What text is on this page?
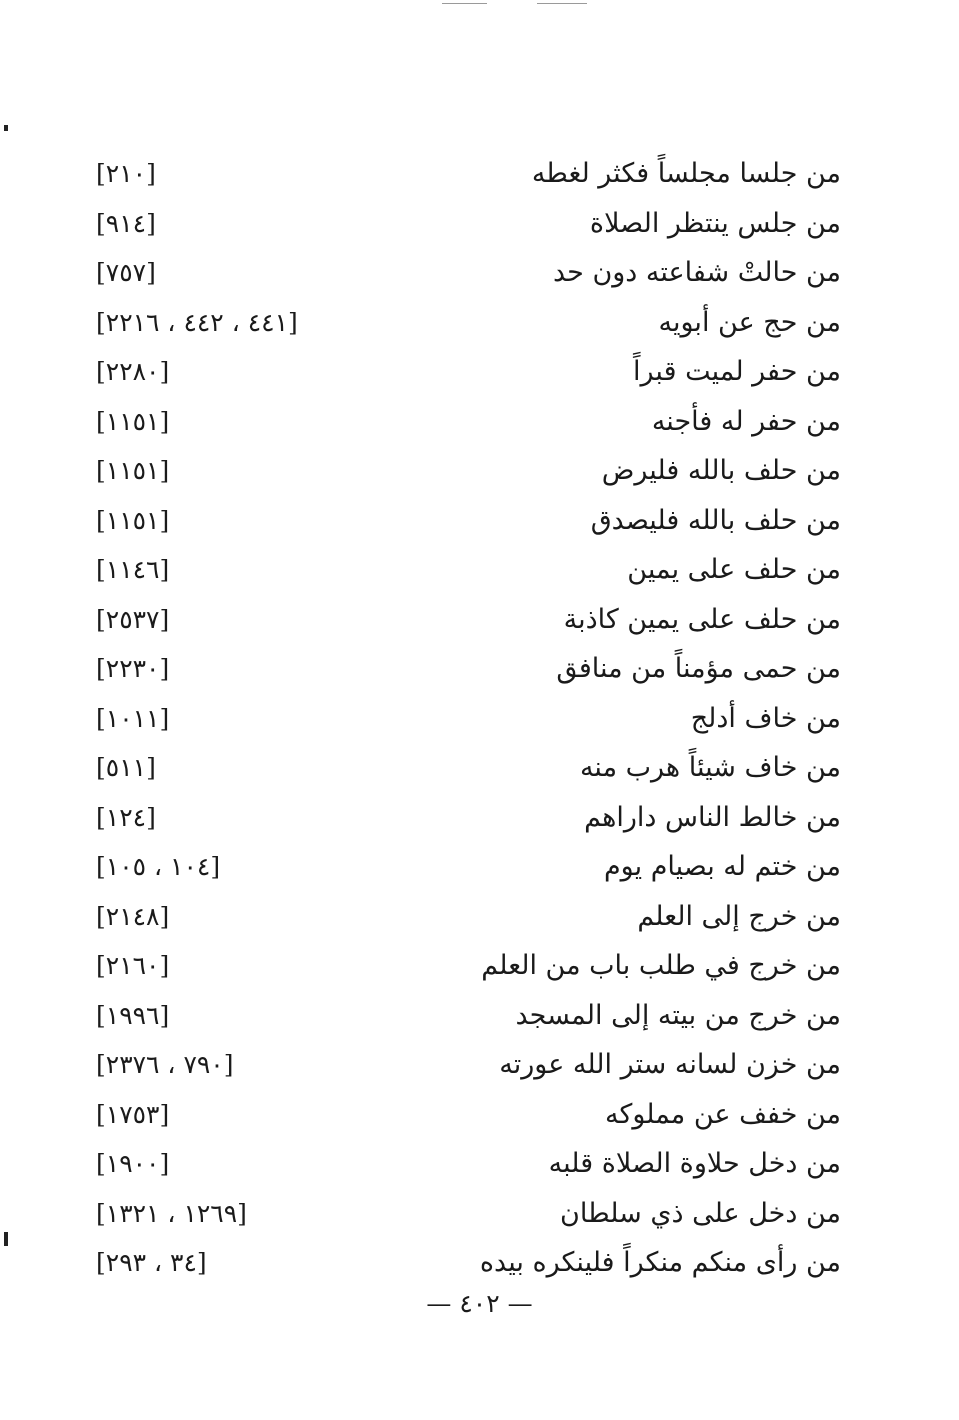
من جلسا مجلساً فكثر لغطه
[٢١٠]
من جلس ينتظر الصلاة
[٩١٤]
من حالتْ شفاعته دون حد
[٧٥٧]
من حج عن أبويه
[٤٤١ ، ٤٤٢ ، ٢٢١٦]
من حفر لميت قبراً
[٢٢٨٠]
من حفر له فأجنه
[١١٥١]
من حلف بالله فليرض
[١١٥١]
من حلف بالله فليصدق
[١١٥١]
من حلف على يمين
[١١٤٦]
من حلف على يمين كاذبة
[٢٥٣٧]
من حمى مؤمناً من منافق
[٢٢٣٠]
من خاف أدلج
[١٠١١]
من خاف شيئاً هرب منه
[٥١١]
من خالط الناس داراهم
[١٢٤]
من ختم له بصيام يوم
[١٠٤ ، ١٠٥]
من خرج إلى العلم
[٢١٤٨]
من خرج في طلب باب من العلم
[٢١٦٠]
من خرج من بيته إلى المسجد
[١٩٩٦]
من خزن لسانه ستر الله عورته
[٧٩٠ ، ٢٣٧٦]
من خفف عن مملوكه
[١٧٥٣]
من دخل حلاوة الصلاة قلبه
[١٩٠٠]
من دخل على ذي سلطان
[١٢٦٩ ، ١٣٢١]
من رأى منكم منكراً فلينكره بيده
[٣٤ ، ٢٩٣]
— ٤٠٢ —
